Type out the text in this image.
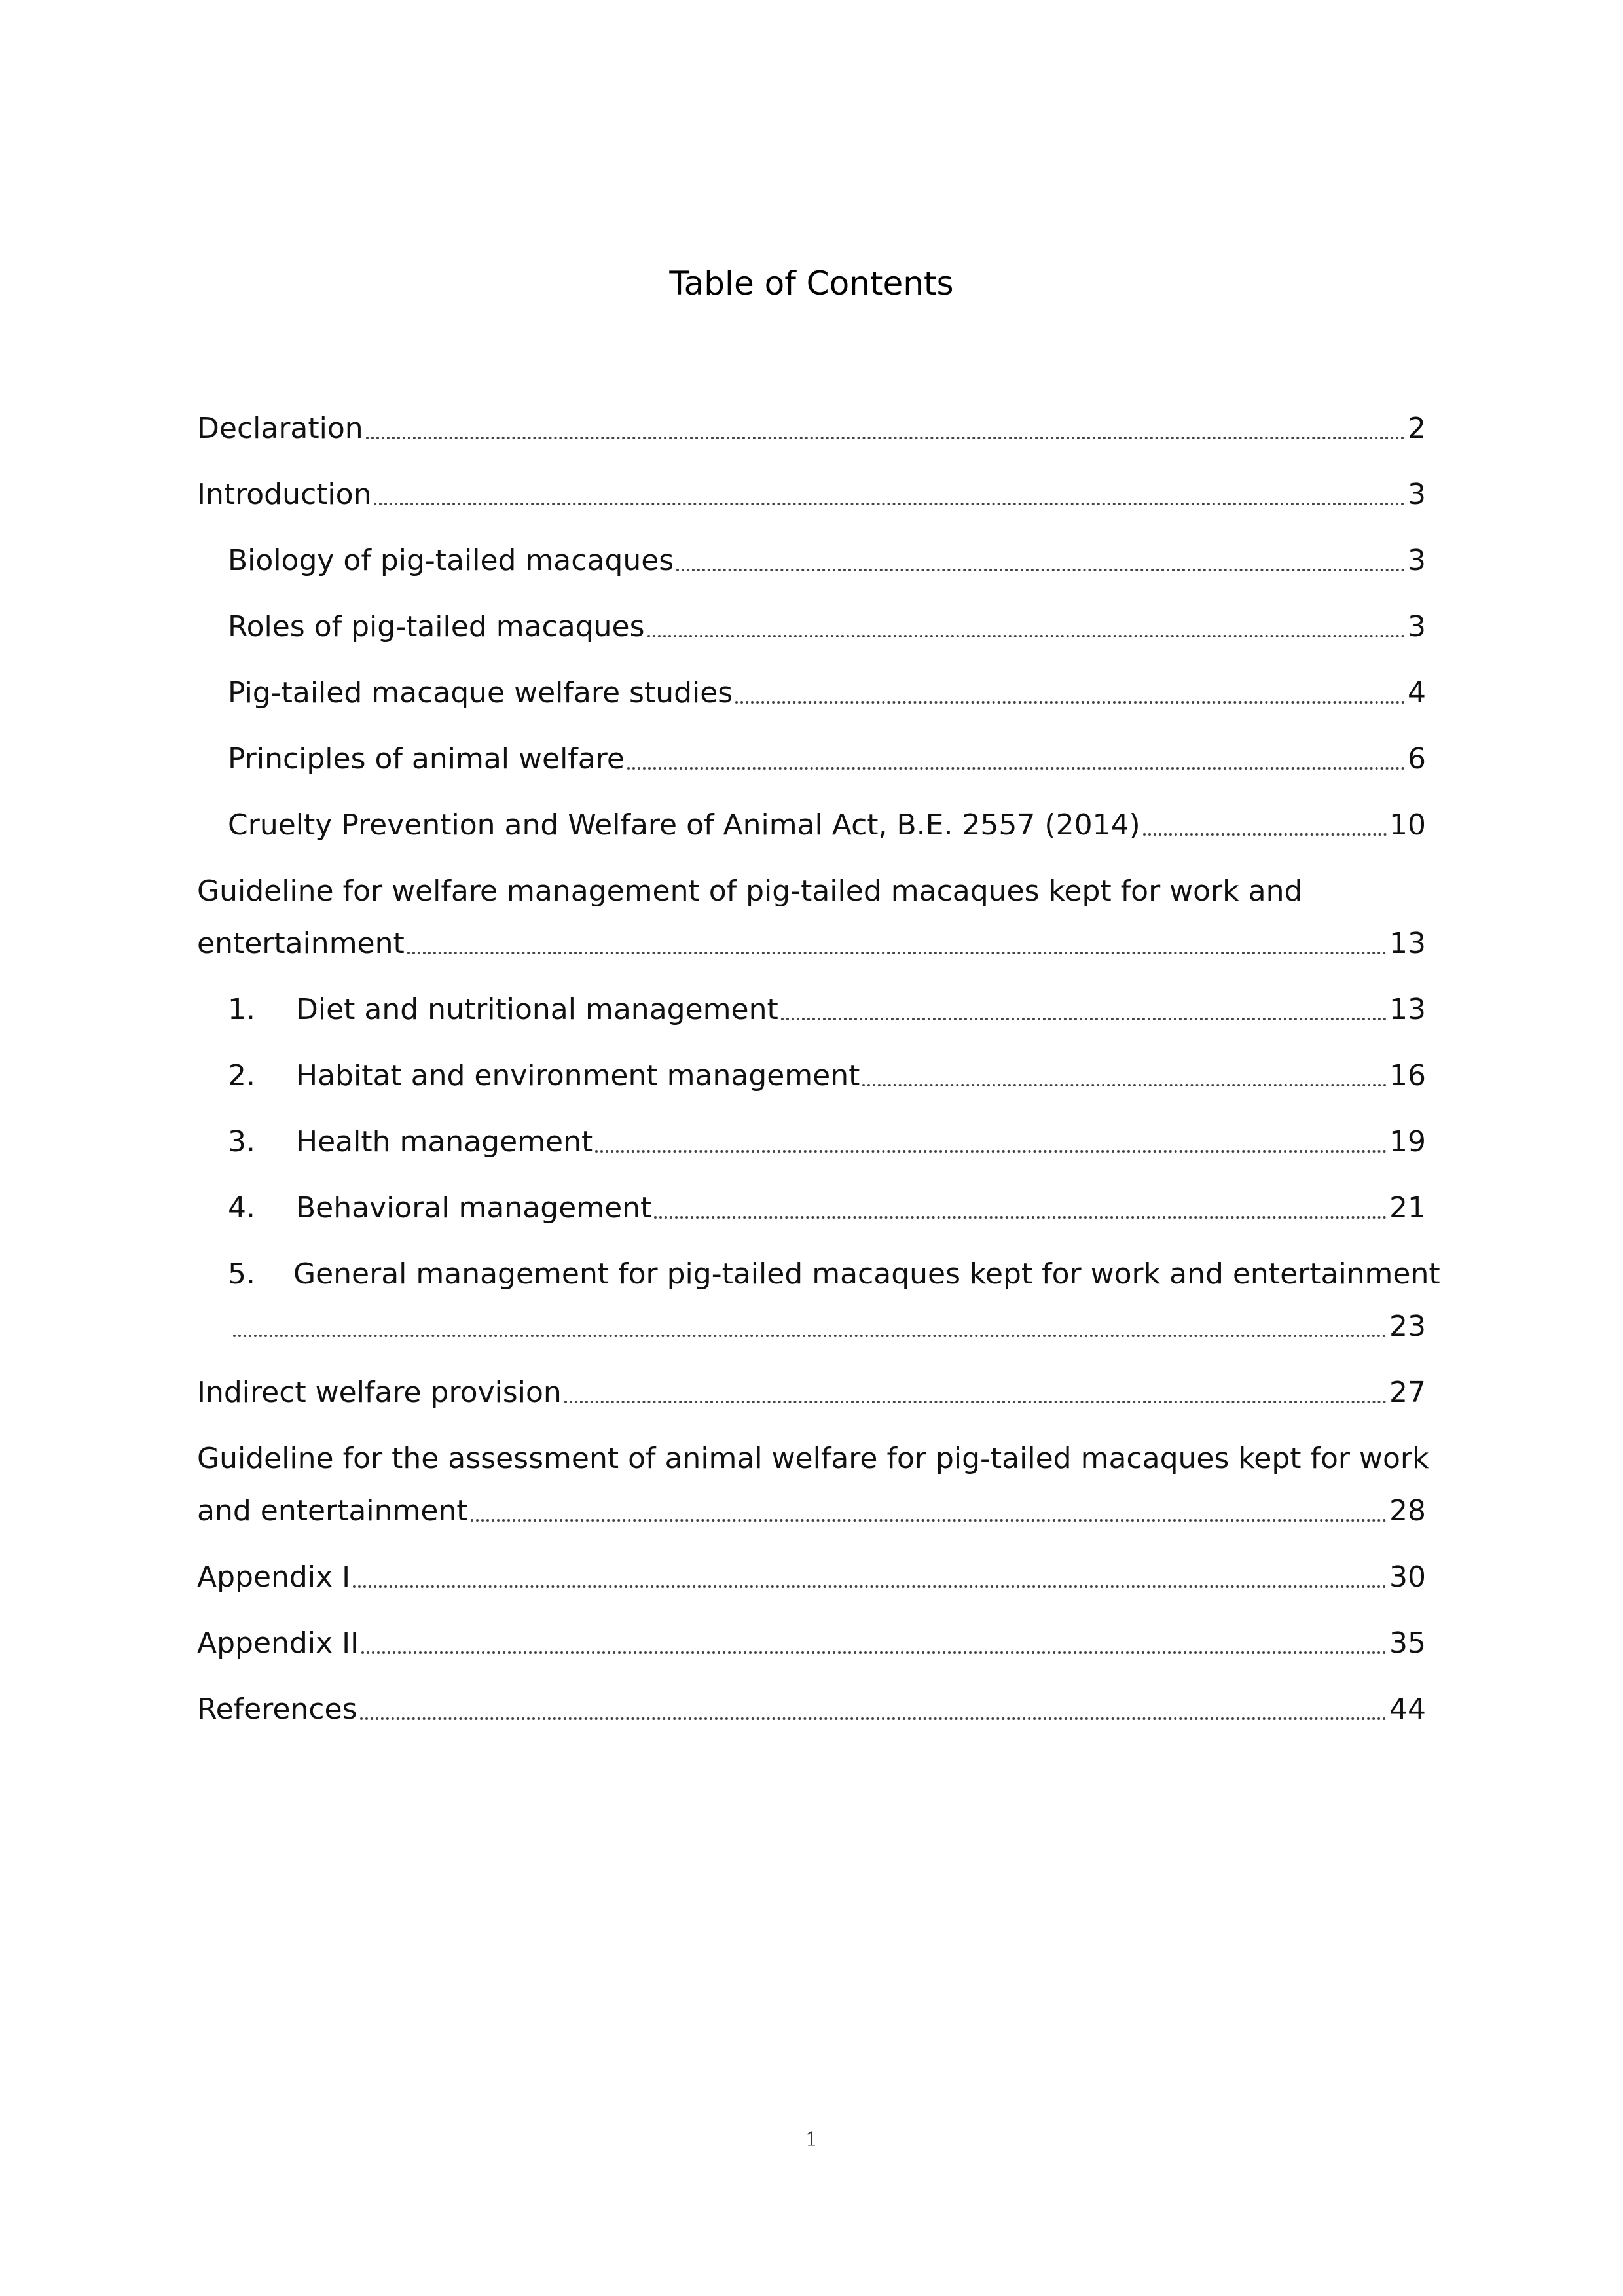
Table of Contents
Declaration	2
Introduction	3
Biology of pig-tailed macaques	3
Roles of pig-tailed macaques	3
Pig-tailed macaque welfare studies	4
Principles of animal welfare	6
Cruelty Prevention and Welfare of Animal Act, B.E. 2557 (2014)	10
Guideline for welfare management of pig-tailed macaques kept for work and
entertainment	13
1.	Diet and nutritional management	13
2.	Habitat and environment management	16
3.	Health management	19
4.	Behavioral management	21
5. General management for pig-tailed macaques kept for work and entertainment
23
Indirect welfare provision	27
Guideline for the assessment of animal welfare for pig-tailed macaques kept for work
and entertainment	28
Appendix I	30
Appendix II	35
References	44
1
